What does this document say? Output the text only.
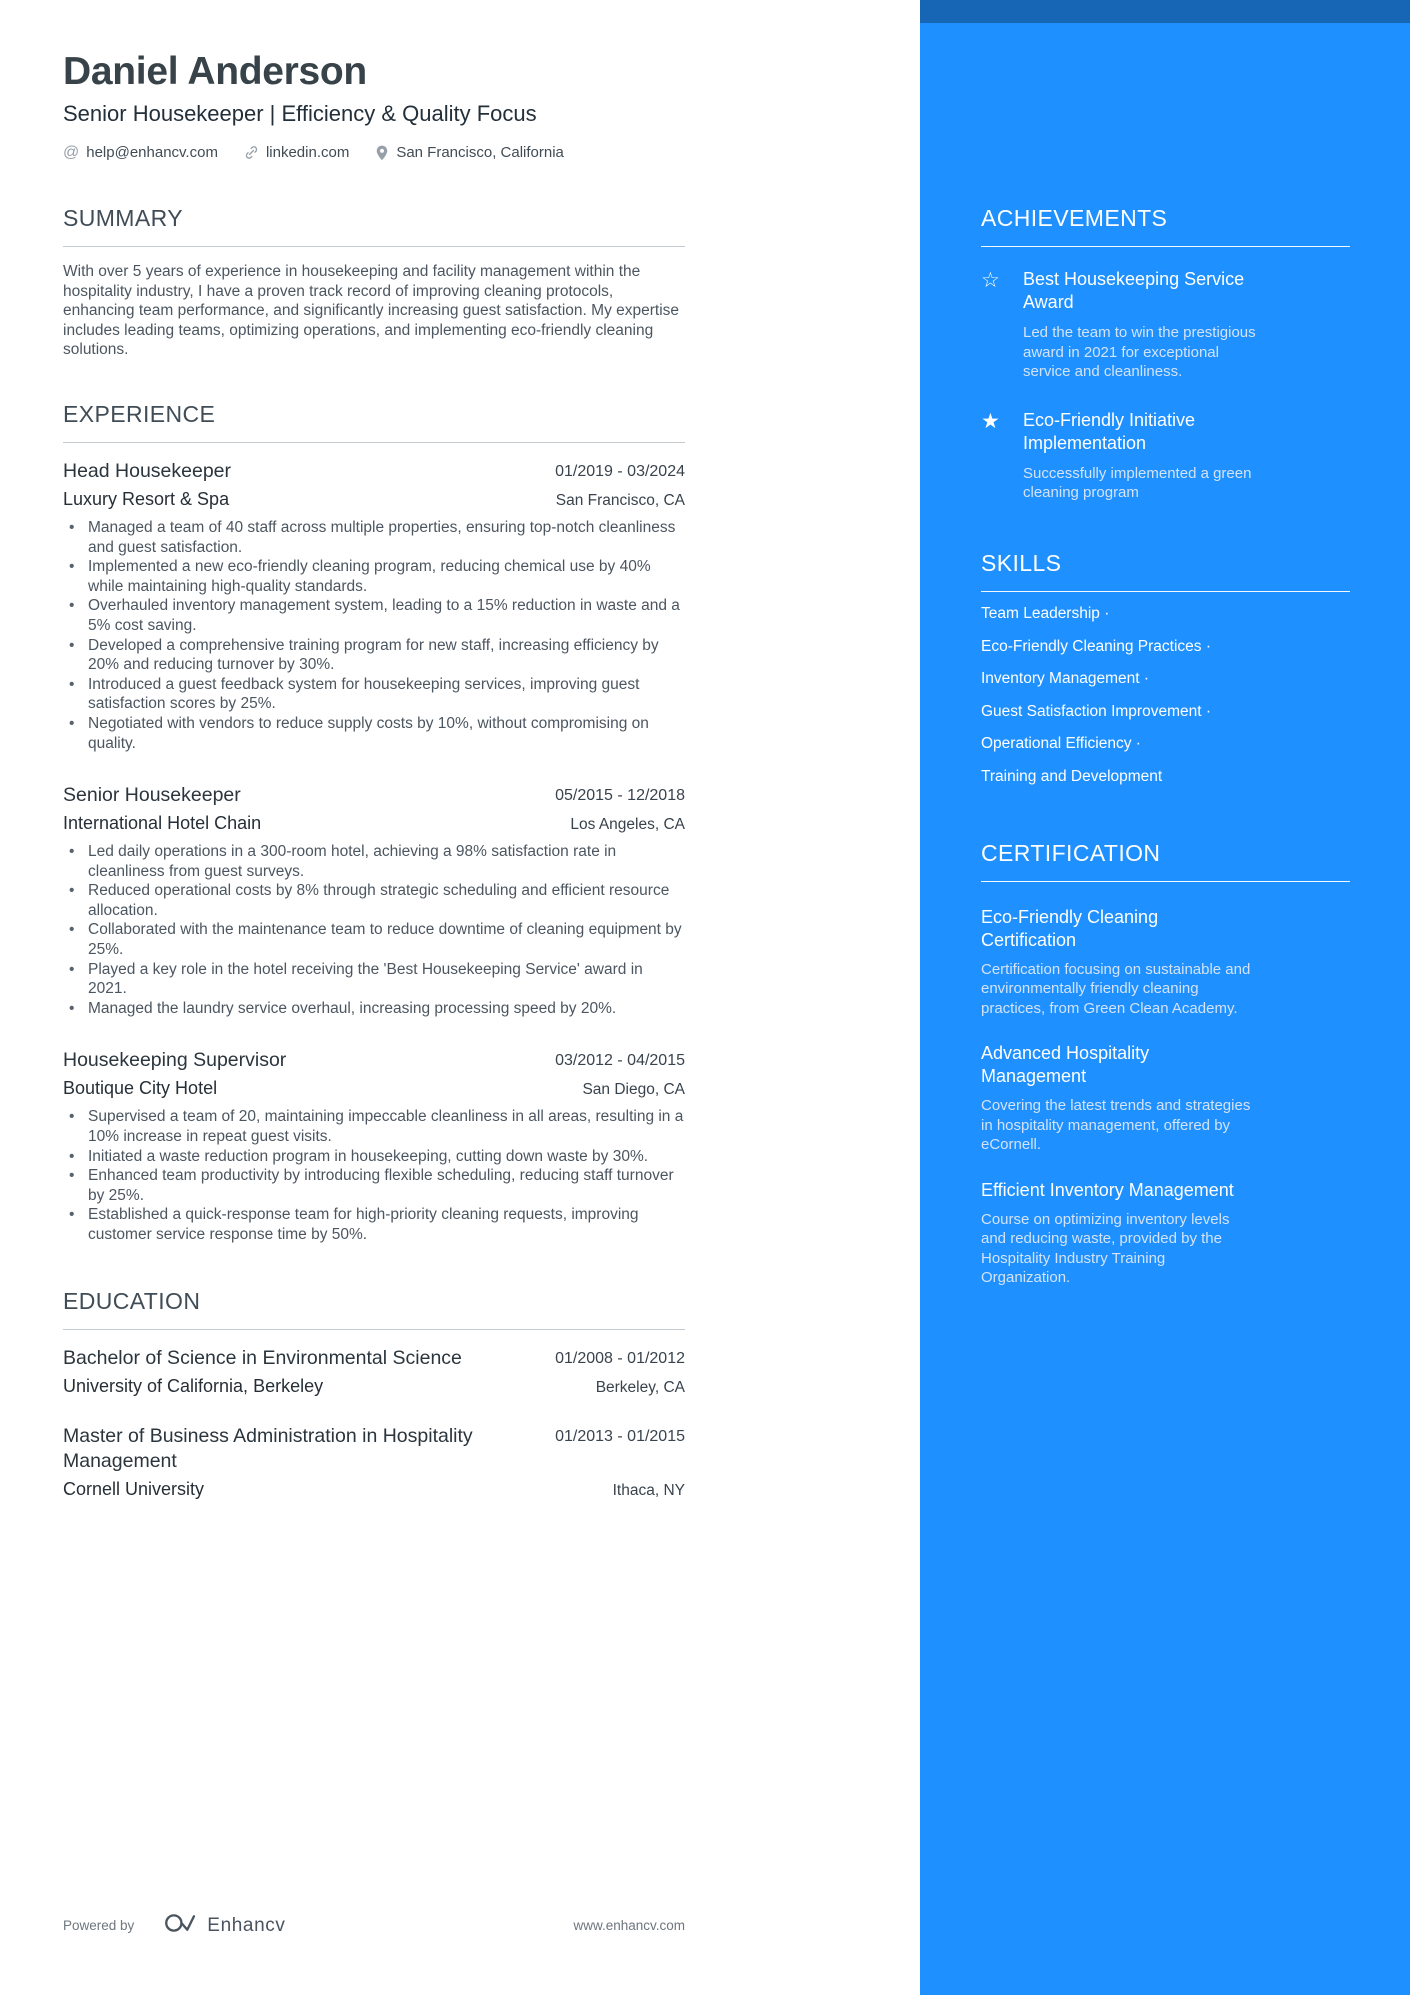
Daniel Anderson
Senior Housekeeper | Efficiency & Quality Focus
@ help@enhancv.com	linkedin.com	San Francisco, California
SUMMARY

With over 5 years of experience in housekeeping and facility management within the hospitality industry, I have a proven track record of improving cleaning protocols, enhancing team performance, and significantly increasing guest satisfaction. My expertise includes leading teams, optimizing operations, and implementing eco-friendly cleaning solutions.

EXPERIENCE
Head Housekeeper	01/2019 - 03/2024
Luxury Resort & Spa	San Francisco, CA
• Managed a team of 40 staff across multiple properties, ensuring top-notch cleanliness and guest satisfaction.
• Implemented a new eco-friendly cleaning program, reducing chemical use by 40% while maintaining high-quality standards.
• Overhauled inventory management system, leading to a 15% reduction in waste and a 5% cost saving.
• Developed a comprehensive training program for new staff, increasing efficiency by 20% and reducing turnover by 30%.
• Introduced a guest feedback system for housekeeping services, improving guest satisfaction scores by 25%.
• Negotiated with vendors to reduce supply costs by 10%, without compromising on quality.
Senior Housekeeper	05/2015 - 12/2018
International Hotel Chain	Los Angeles, CA
• Led daily operations in a 300-room hotel, achieving a 98% satisfaction rate in cleanliness from guest surveys.
• Reduced operational costs by 8% through strategic scheduling and efficient resource allocation.
• Collaborated with the maintenance team to reduce downtime of cleaning equipment by 25%.
• Played a key role in the hotel receiving the 'Best Housekeeping Service' award in 2021.
• Managed the laundry service overhaul, increasing processing speed by 20%.
Housekeeping Supervisor	03/2012 - 04/2015
Boutique City Hotel	San Diego, CA
• Supervised a team of 20, maintaining impeccable cleanliness in all areas, resulting in a 10% increase in repeat guest visits.
• Initiated a waste reduction program in housekeeping, cutting down waste by 30%.
• Enhanced team productivity by introducing flexible scheduling, reducing staff turnover by 25%.
• Established a quick-response team for high-priority cleaning requests, improving customer service response time by 50%.
EDUCATION
Bachelor of Science in Environmental Science	01/2008 - 01/2012
University of California, Berkeley	Berkeley, CA
Master of Business Administration in Hospitality Management
01/2013 - 01/2015
Cornell University	Ithaca, NY
Powered by	Enhancv	www.enhancv.com
ACHIEVEMENTS
☆	Best Housekeeping Service Award
Led the team to win the prestigious award in 2021 for exceptional service and cleanliness.
★	Eco-Friendly Initiative Implementation
Successfully implemented a green cleaning program
SKILLS
Team Leadership ·
Eco-Friendly Cleaning Practices ·
Inventory Management ·
Guest Satisfaction Improvement ·
Operational Efficiency ·
Training and Development
CERTIFICATION
Eco-Friendly Cleaning Certification
Certification focusing on sustainable and environmentally friendly cleaning practices, from Green Clean Academy.
Advanced Hospitality Management
Covering the latest trends and strategies in hospitality management, offered by eCornell.
Efficient Inventory Management
Course on optimizing inventory levels and reducing waste, provided by the Hospitality Industry Training Organization.
